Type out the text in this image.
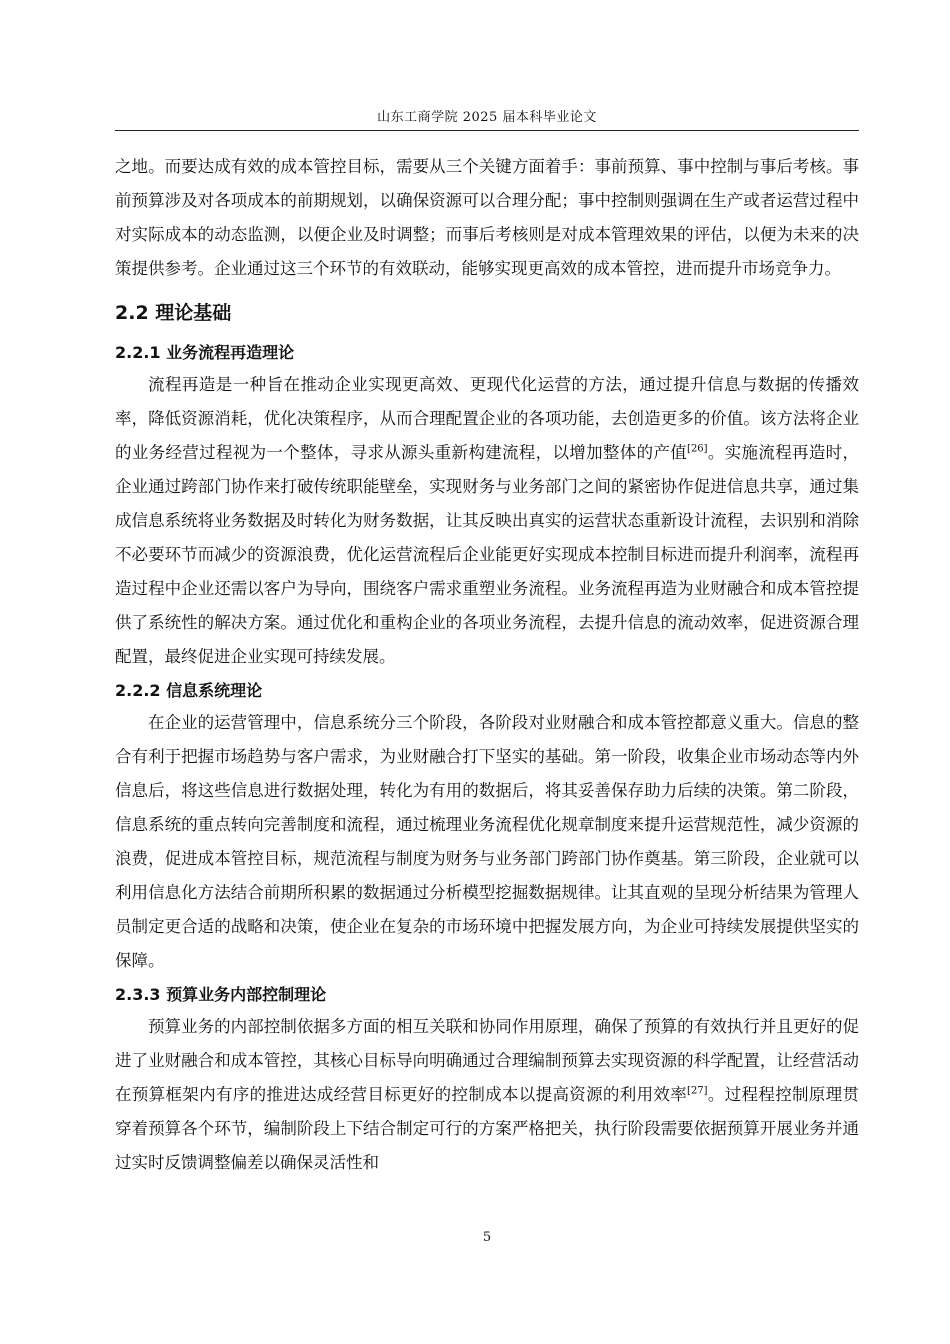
山东工商学院 2025 届本科毕业论文

之地。而要达成有效的成本管控目标，需要从三个关键方面着手：事前预算、事中控制与事后考核。事前预算涉及对各项成本的前期规划，以确保资源可以合理分配；事中控制则强调在生产或者运营过程中对实际成本的动态监测，以便企业及时调整；而事后考核则是对成本管理效果的评估，以便为未来的决策提供参考。企业通过这三个环节的有效联动，能够实现更高效的成本管控，进而提升市场竞争力。

2.2 理论基础
2.2.1 业务流程再造理论

流程再造是一种旨在推动企业实现更高效、更现代化运营的方法，通过提升信息与数据的传播效率，降低资源消耗，优化决策程序，从而合理配置企业的各项功能，去创造更多的价值。该方法将企业的业务经营过程视为一个整体，寻求从源头重新构建流程，以增加整体的产值[26]。实施流程再造时，企业通过跨部门协作来打破传统职能壁垒，实现财务与业务部门之间的紧密协作促进信息共享，通过集成信息系统将业务数据及时转化为财务数据，让其反映出真实的运营状态重新设计流程，去识别和消除不必要环节而减少的资源浪费，优化运营流程后企业能更好实现成本控制目标进而提升利润率，流程再造过程中企业还需以客户为导向，围绕客户需求重塑业务流程。业务流程再造为业财融合和成本管控提供了系统性的解决方案。通过优化和重构企业的各项业务流程，去提升信息的流动效率，促进资源合理配置，最终促进企业实现可持续发展。

2.2.2 信息系统理论

在企业的运营管理中，信息系统分三个阶段，各阶段对业财融合和成本管控都意义重大。信息的整合有利于把握市场趋势与客户需求，为业财融合打下坚实的基础。第一阶段，收集企业市场动态等内外信息后，将这些信息进行数据处理，转化为有用的数据后，将其妥善保存助力后续的决策。第二阶段，信息系统的重点转向完善制度和流程，通过梳理业务流程优化规章制度来提升运营规范性，减少资源的浪费，促进成本管控目标，规范流程与制度为财务与业务部门跨部门协作奠基。第三阶段，企业就可以利用信息化方法结合前期所积累的数据通过分析模型挖掘数据规律。让其直观的呈现分析结果为管理人员制定更合适的战略和决策，使企业在复杂的市场环境中把握发展方向，为企业可持续发展提供坚实的保障。

2.3.3 预算业务内部控制理论

预算业务的内部控制依据多方面的相互关联和协同作用原理，确保了预算的有效执行并且更好的促进了业财融合和成本管控，其核心目标导向明确通过合理编制预算去实现资源的科学配置，让经营活动在预算框架内有序的推进达成经营目标更好的控制成本以提高资源的利用效率[27]。过程程控制原理贯穿着预算各个环节，编制阶段上下结合制定可行的方案严格把关，执行阶段需要依据预算开展业务并通过实时反馈调整偏差以确保灵活性和

5
